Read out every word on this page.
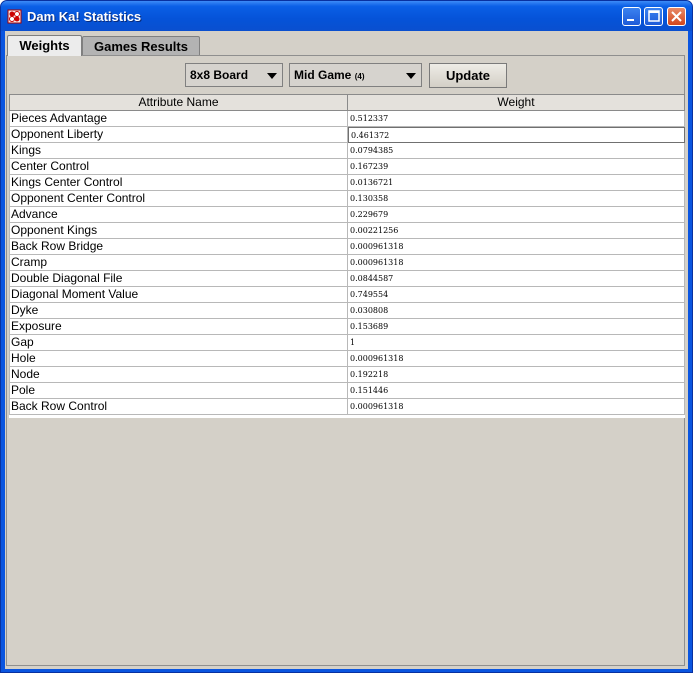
Dam Ka! Statistics
Weights	Games Results
8x8 Board	Mid Game (4)	Update
Attribute Name	Weight
Pieces Advantage	0.512337
Opponent Liberty	0.461372
Kings	0.0794385
Center Control	0.167239
Kings Center Control	0.0136721
Opponent Center Control	0.130358
Advance	0.229679
Opponent Kings	0.00221256
Back Row Bridge	0.000961318
Cramp	0.000961318
Double Diagonal File	0.0844587
Diagonal Moment Value	0.749554
Dyke	0.030808
Exposure	0.153689
Gap	1
Hole	0.000961318
Node	0.192218
Pole	0.151446
Back Row Control	0.000961318
